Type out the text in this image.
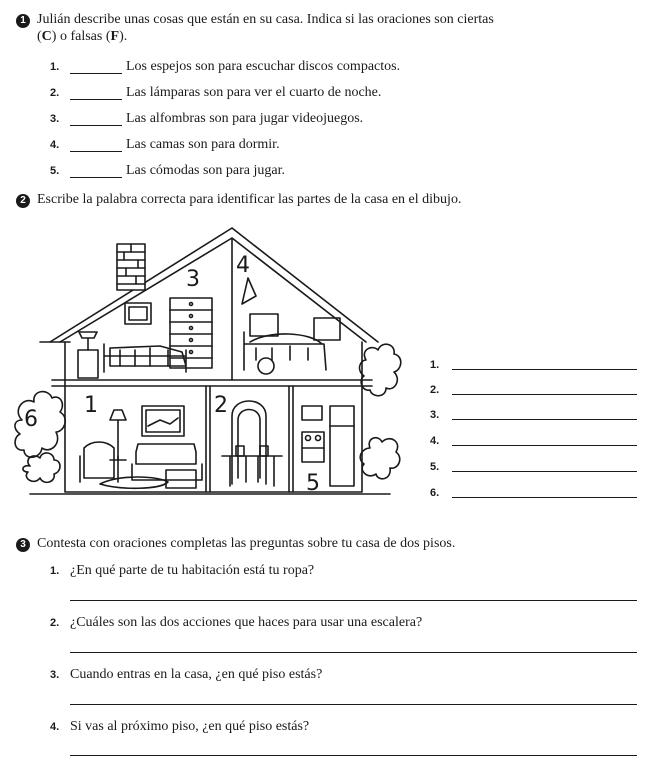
1 Julián describe unas cosas que están en su casa. Indica si las oraciones son ciertas
(C) o falsas (F).
1.	Los espejos son para escuchar discos compactos.
2.	Las lámparas son para ver el cuarto de noche.
3.	Las alfombras son para jugar videojuegos.
4.	Las camas son para dormir.
5.	Las cómodas son para jugar.
2 Escribe la palabra correcta para identificar las partes de la casa en el dibujo.
3
4
1	2
5
6
1.
2.
3.
4.
5.
6.
3 Contesta con oraciones completas las preguntas sobre tu casa de dos pisos.
1. ¿En qué parte de tu habitación está tu ropa?
2. ¿Cuáles son las dos acciones que haces para usar una escalera?
3. Cuando entras en la casa, ¿en qué piso estás?
4. Si vas al próximo piso, ¿en qué piso estás?
